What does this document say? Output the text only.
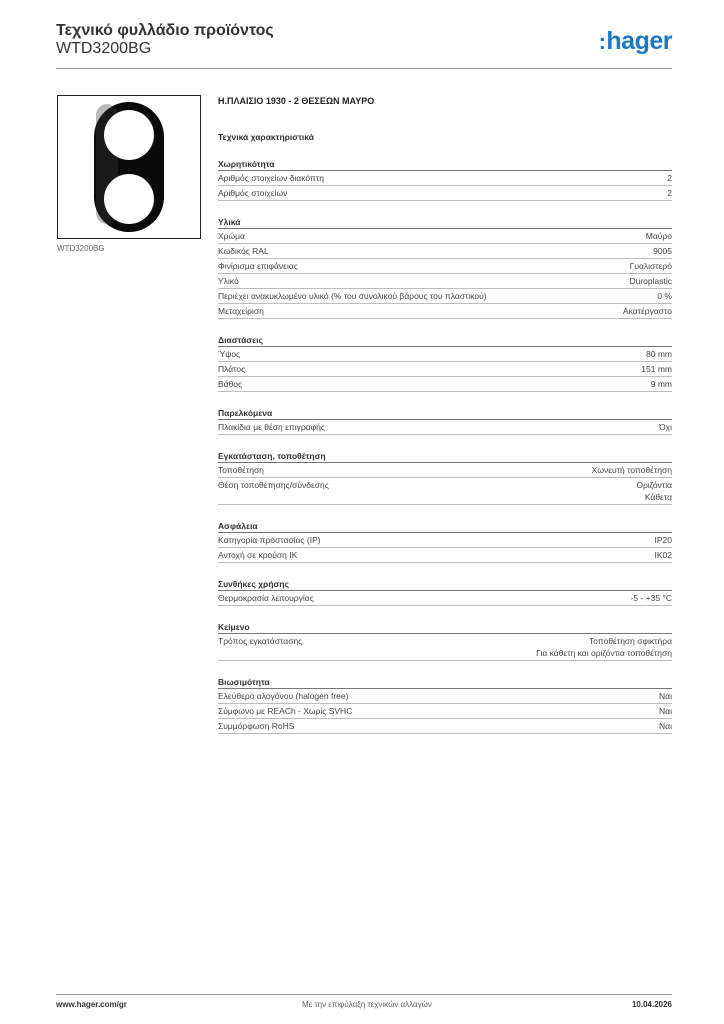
Τεχνικό φυλλάδιο προϊόντος
WTD3200BG	:hager
WTD3200BG
Η.ΠΛΑΙΣΙΟ 1930 - 2 ΘΕΣΕΩΝ ΜΑΥΡΟ
Τεχνικά χαρακτηριστικά
Χωρητικότητα
Αριθμός στοιχείων διακόπτη	2
Αριθμός στοιχείων	2
Υλικά
Χρώμα	Μαύρο
Κωδικός RAL	9005
Φινίρισμα επιφάνειας	Γυαλιστερό
Υλικό	Duroplastic
Περιέχει ανακυκλωμένο υλικό (% του συνολικού βάρους του πλαστικού)	0 %
Μεταχείριση	Ακατέργαστο
Διαστάσεις
Ύψος	80 mm
Πλάτος	151 mm
Βάθος	9 mm
Παρελκόμενα
Πλακίδια με θέση επιγραφής	Όχι
Εγκατάσταση, τοποθέτηση
Τοποθέτηση	Χωνευτή τοποθέτηση
Θέση τοποθέτησης/σύνδεσης	Οριζόντια
Κάθετα
Ασφάλεια
Κατηγορία προστασίας (IP)	IP20
Αντοχή σε κρούση IK	IK02
Συνθήκες χρήσης
Θερμοκρασία λειτουργίας	-5 - +35 °C
Κείμενο
Τρόπος εγκατάστασης	Τοποθέτηση σφικτήρα
Για κάθετη και οριζόντια τοποθέτηση
Βιωσιμότητα
Ελεύθερο αλογόνου (halogen free)	Ναι
Σύμφωνο με REACh - Χωρίς SVHC	Ναι
Συμμόρφωση RoHS	Ναι
www.hager.com/gr	Με την επιφύλαξη τεχνικών αλλαγών	10.04.2026
